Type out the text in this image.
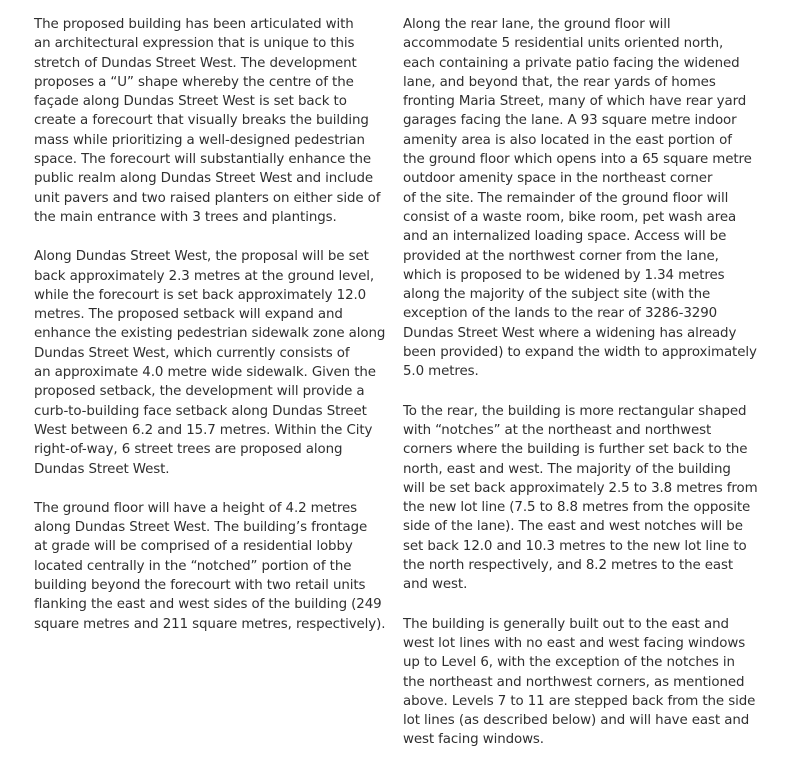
The proposed building has been articulated with
an architectural expression that is unique to this
stretch of Dundas Street West. The development
proposes a “U” shape whereby the centre of the
façade along Dundas Street West is set back to
create a forecourt that visually breaks the building
mass while prioritizing a well-designed pedestrian
space. The forecourt will substantially enhance the
public realm along Dundas Street West and include
unit pavers and two raised planters on either side of
the main entrance with 3 trees and plantings.

Along Dundas Street West, the proposal will be set
back approximately 2.3 metres at the ground level,
while the forecourt is set back approximately 12.0
metres. The proposed setback will expand and
enhance the existing pedestrian sidewalk zone along
Dundas Street West, which currently consists of
an approximate 4.0 metre wide sidewalk. Given the
proposed setback, the development will provide a
curb-to-building face setback along Dundas Street
West between 6.2 and 15.7 metres. Within the City
right-of-way, 6 street trees are proposed along
Dundas Street West.

The ground floor will have a height of 4.2 metres
along Dundas Street West. The building’s frontage
at grade will be comprised of a residential lobby
located centrally in the “notched” portion of the
building beyond the forecourt with two retail units
flanking the east and west sides of the building (249
square metres and 211 square metres, respectively).

Along the rear lane, the ground floor will
accommodate 5 residential units oriented north,
each containing a private patio facing the widened
lane, and beyond that, the rear yards of homes
fronting Maria Street, many of which have rear yard
garages facing the lane. A 93 square metre indoor
amenity area is also located in the east portion of
the ground floor which opens into a 65 square metre
outdoor amenity space in the northeast corner
of the site. The remainder of the ground floor will
consist of a waste room, bike room, pet wash area
and an internalized loading space. Access will be
provided at the northwest corner from the lane,
which is proposed to be widened by 1.34 metres
along the majority of the subject site (with the
exception of the lands to the rear of 3286-3290
Dundas Street West where a widening has already
been provided) to expand the width to approximately
5.0 metres.

To the rear, the building is more rectangular shaped
with “notches” at the northeast and northwest
corners where the building is further set back to the
north, east and west. The majority of the building
will be set back approximately 2.5 to 3.8 metres from
the new lot line (7.5 to 8.8 metres from the opposite
side of the lane). The east and west notches will be
set back 12.0 and 10.3 metres to the new lot line to
the north respectively, and 8.2 metres to the east
and west.

The building is generally built out to the east and
west lot lines with no east and west facing windows
up to Level 6, with the exception of the notches in
the northeast and northwest corners, as mentioned
above. Levels 7 to 11 are stepped back from the side
lot lines (as described below) and will have east and
west facing windows.
